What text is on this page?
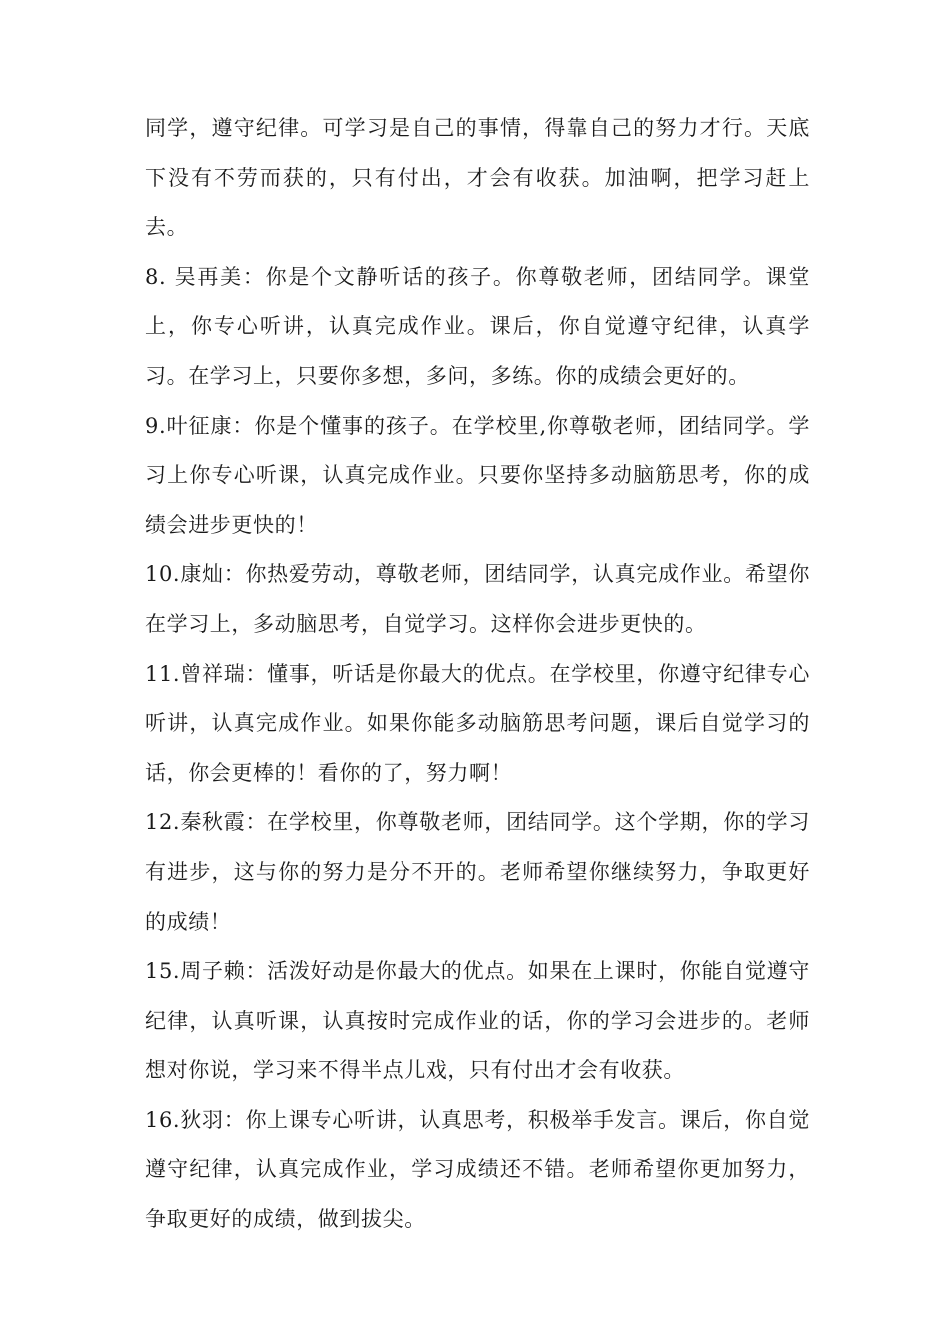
同学，遵守纪律。可学习是自己的事情，得靠自己的努力才行。天底下没有不劳而获的，只有付出，才会有收获。加油啊，把学习赶上去。

8. 吴再美：你是个文静听话的孩子。你尊敬老师，团结同学。课堂上，你专心听讲，认真完成作业。课后，你自觉遵守纪律，认真学习。在学习上，只要你多想，多问，多练。你的成绩会更好的。

9.叶征康：你是个懂事的孩子。在学校里,你尊敬老师，团结同学。学习上你专心听课，认真完成作业。只要你坚持多动脑筋思考，你的成绩会进步更快的！

10.康灿：你热爱劳动，尊敬老师，团结同学，认真完成作业。希望你在学习上，多动脑思考，自觉学习。这样你会进步更快的。

11.曾祥瑞：懂事，听话是你最大的优点。在学校里，你遵守纪律专心听讲，认真完成作业。如果你能多动脑筋思考问题，课后自觉学习的话，你会更棒的！看你的了，努力啊！

12.秦秋霞：在学校里，你尊敬老师，团结同学。这个学期，你的学习有进步，这与你的努力是分不开的。老师希望你继续努力，争取更好的成绩！

15.周子赖：活泼好动是你最大的优点。如果在上课时，你能自觉遵守纪律，认真听课，认真按时完成作业的话，你的学习会进步的。老师想对你说，学习来不得半点儿戏，只有付出才会有收获。

16.狄羽：你上课专心听讲，认真思考，积极举手发言。课后，你自觉遵守纪律，认真完成作业，学习成绩还不错。老师希望你更加努力，争取更好的成绩，做到拔尖。
